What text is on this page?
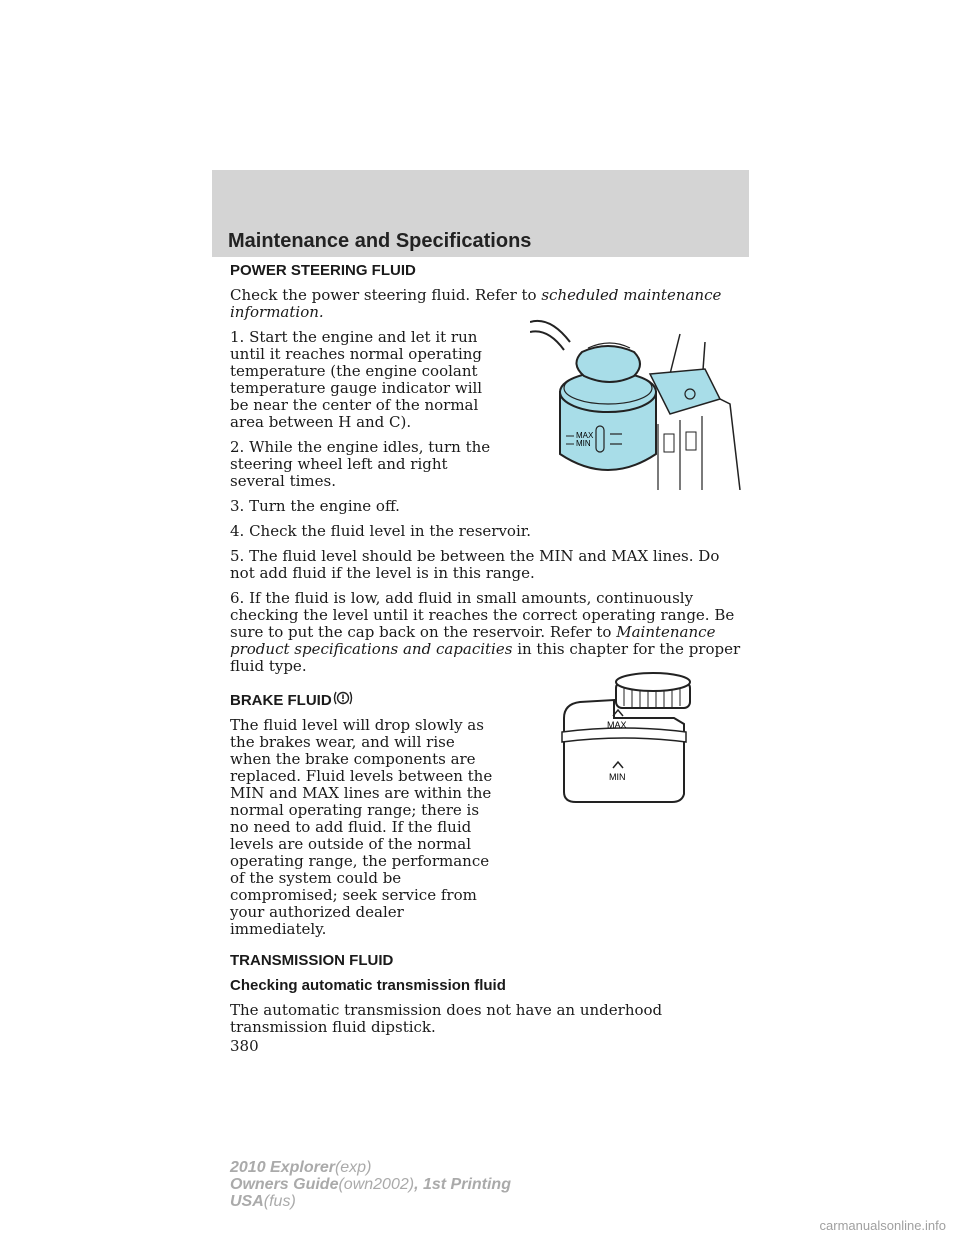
Maintenance and Specifications
POWER STEERING FLUID

Check the power steering fluid. Refer to scheduled maintenance information.

1. Start the engine and let it run until it reaches normal operating temperature (the engine coolant temperature gauge indicator will be near the center of the normal area between H and C).

2. While the engine idles, turn the steering wheel left and right several times.

3. Turn the engine off.

4. Check the fluid level in the reservoir.

5. The fluid level should be between the MIN and MAX lines. Do not add fluid if the level is in this range.

6. If the fluid is low, add fluid in small amounts, continuously checking the level until it reaches the correct operating range. Be sure to put the cap back on the reservoir. Refer to Maintenance product specifications and capacities in this chapter for the proper fluid type.

BRAKE FLUID

The fluid level will drop slowly as the brakes wear, and will rise when the brake components are replaced. Fluid levels between the MIN and MAX lines are within the normal operating range; there is no need to add fluid. If the fluid levels are outside of the normal operating range, the performance of the system could be compromised; seek service from your authorized dealer immediately.

TRANSMISSION FLUID
Checking automatic transmission fluid

The automatic transmission does not have an underhood transmission fluid dipstick.

380
MAX
MIN
MAX
MIN
2010 Explorer(exp)
Owners Guide(own2002), 1st Printing
USA(fus)
carmanualsonline.info
